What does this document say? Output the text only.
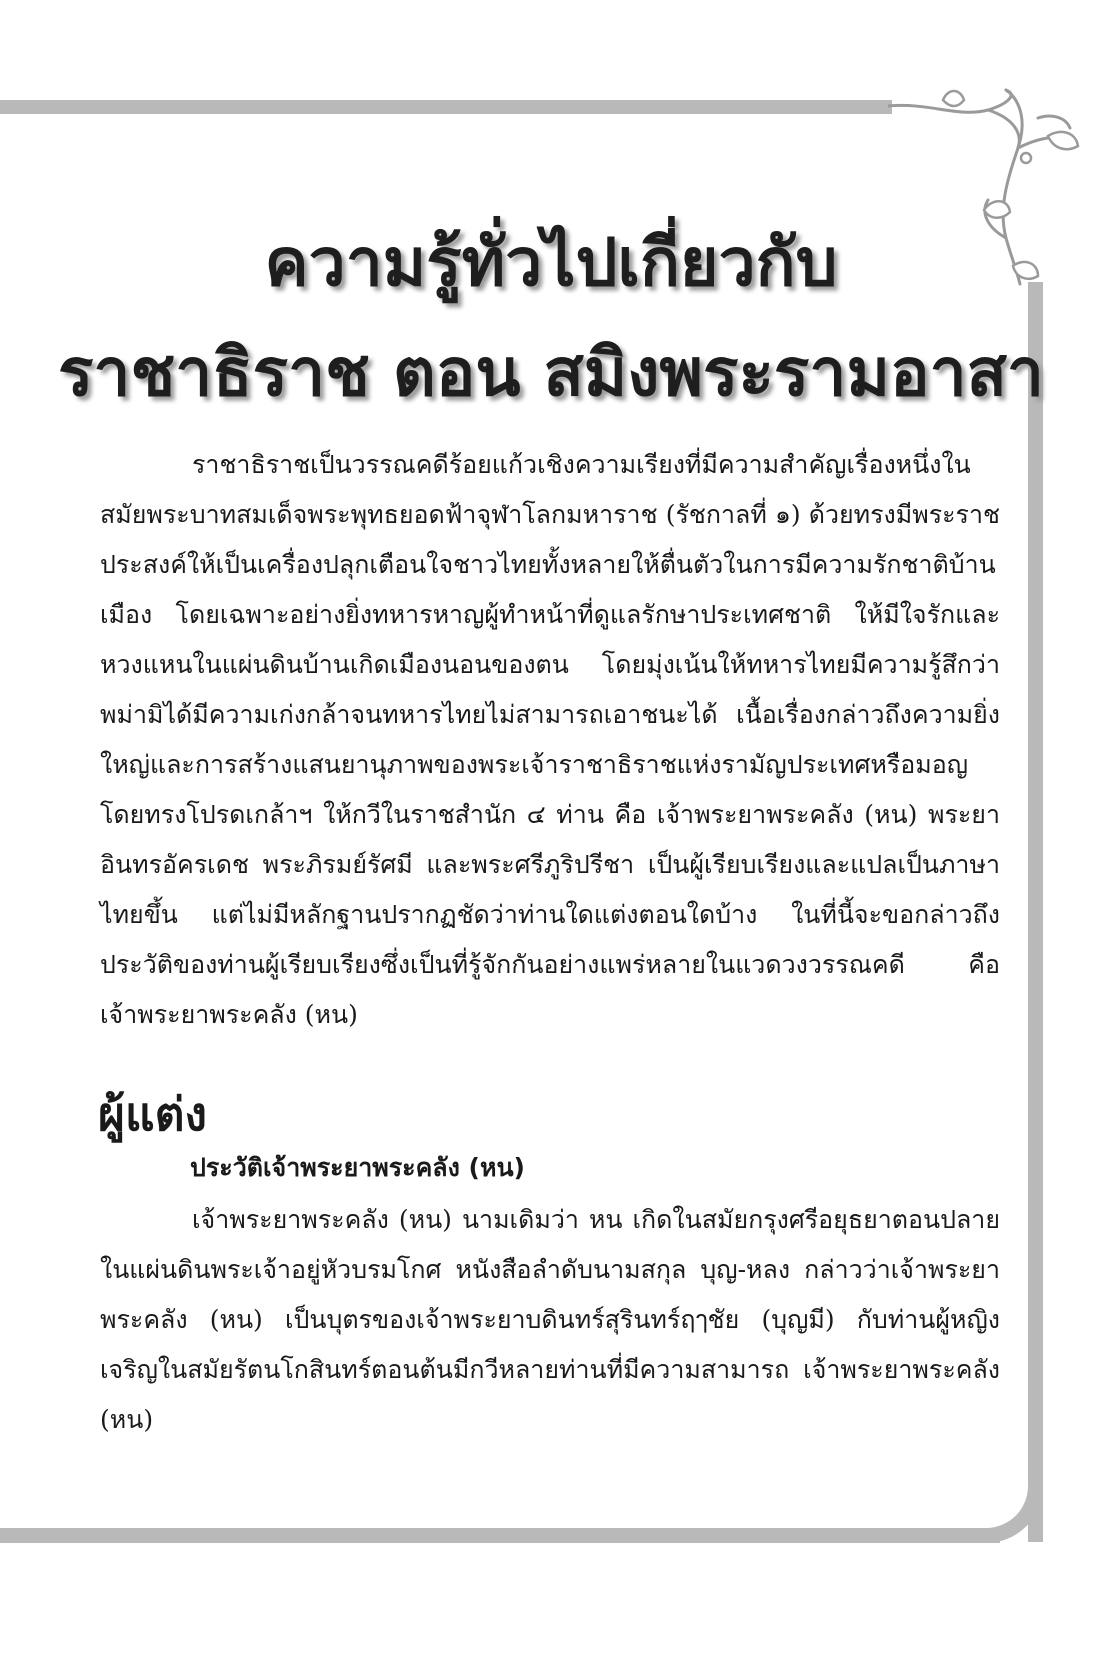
ความรู้ทั่วไปเกี่ยวกับ
ราชาธิราช ตอน สมิงพระรามอาสา

ราชาธิราชเป็นวรรณคดีร้อยแก้วเชิงความเรียงที่มีความสำคัญเรื่องหนึ่งในสมัยพระบาทสมเด็จพระพุทธยอดฟ้าจุฬาโลกมหาราช (รัชกาลที่ ๑) ด้วยทรงมีพระราชประสงค์ให้เป็นเครื่องปลุกเตือนใจชาวไทยทั้งหลายให้ตื่นตัวในการมีความรักชาติบ้านเมือง โดยเฉพาะอย่างยิ่งทหารหาญผู้ทำหน้าที่ดูแลรักษาประเทศชาติ ให้มีใจรักและหวงแหนในแผ่นดินบ้านเกิดเมืองนอนของตน โดยมุ่งเน้นให้ทหารไทยมีความรู้สึกว่าพม่ามิได้มีความเก่งกล้าจนทหารไทยไม่สามารถเอาชนะได้ เนื้อเรื่องกล่าวถึงความยิ่งใหญ่และการสร้างแสนยานุภาพของพระเจ้าราชาธิราชแห่งรามัญประเทศหรือมอญ โดยทรงโปรดเกล้าฯ ให้กวีในราชสำนัก ๔ ท่าน คือ เจ้าพระยาพระคลัง (หน) พระยาอินทรอัครเดช พระภิรมย์รัศมี และพระศรีภูริปรีชา เป็นผู้เรียบเรียงและแปลเป็นภาษาไทยขึ้น แต่ไม่มีหลักฐานปรากฏชัดว่าท่านใดแต่งตอนใดบ้าง ในที่นี้จะขอกล่าวถึงประวัติของท่านผู้เรียบเรียงซึ่งเป็นที่รู้จักกันอย่างแพร่หลายในแวดวงวรรณคดี คือเจ้าพระยาพระคลัง (หน)

ผู้แต่ง
ประวัติเจ้าพระยาพระคลัง (หน)

เจ้าพระยาพระคลัง (หน) นามเดิมว่า หน เกิดในสมัยกรุงศรีอยุธยาตอนปลายในแผ่นดินพระเจ้าอยู่หัวบรมโกศ หนังสือลำดับนามสกุล บุญ-หลง กล่าวว่าเจ้าพระยาพระคลัง (หน) เป็นบุตรของเจ้าพระยาบดินทร์สุรินทร์ฤๅชัย (บุญมี) กับท่านผู้หญิงเจริญในสมัยรัตนโกสินทร์ตอนต้นมีกวีหลายท่านที่มีความสามารถ เจ้าพระยาพระคลัง (หน)
